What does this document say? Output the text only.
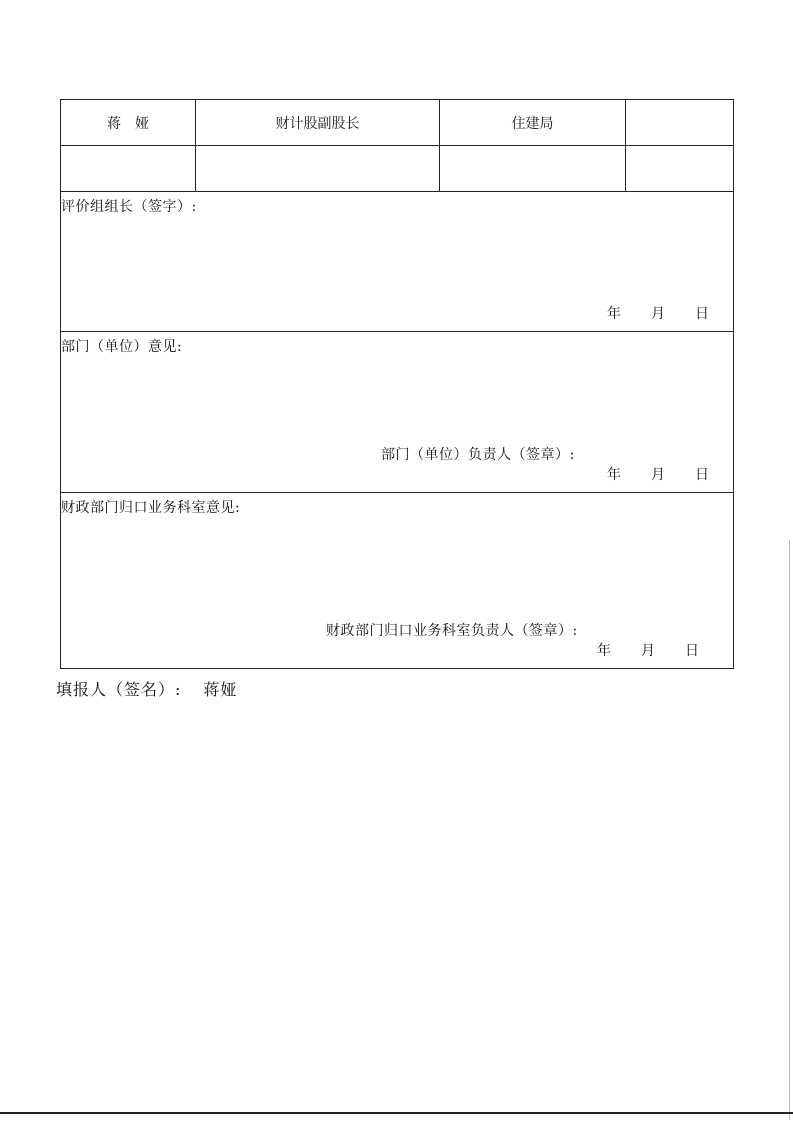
蒋　娅	财计股副股长	住建局	

评价组组长（签字）:
年 月 日			

部门（单位）意见:
部门（单位）负责人（签章）:
年 月 日			

财政部门归口业务科室意见:
财政部门归口业务科室负责人（签章）:
年 月 日			
填报人（签名）: 蒋娅
